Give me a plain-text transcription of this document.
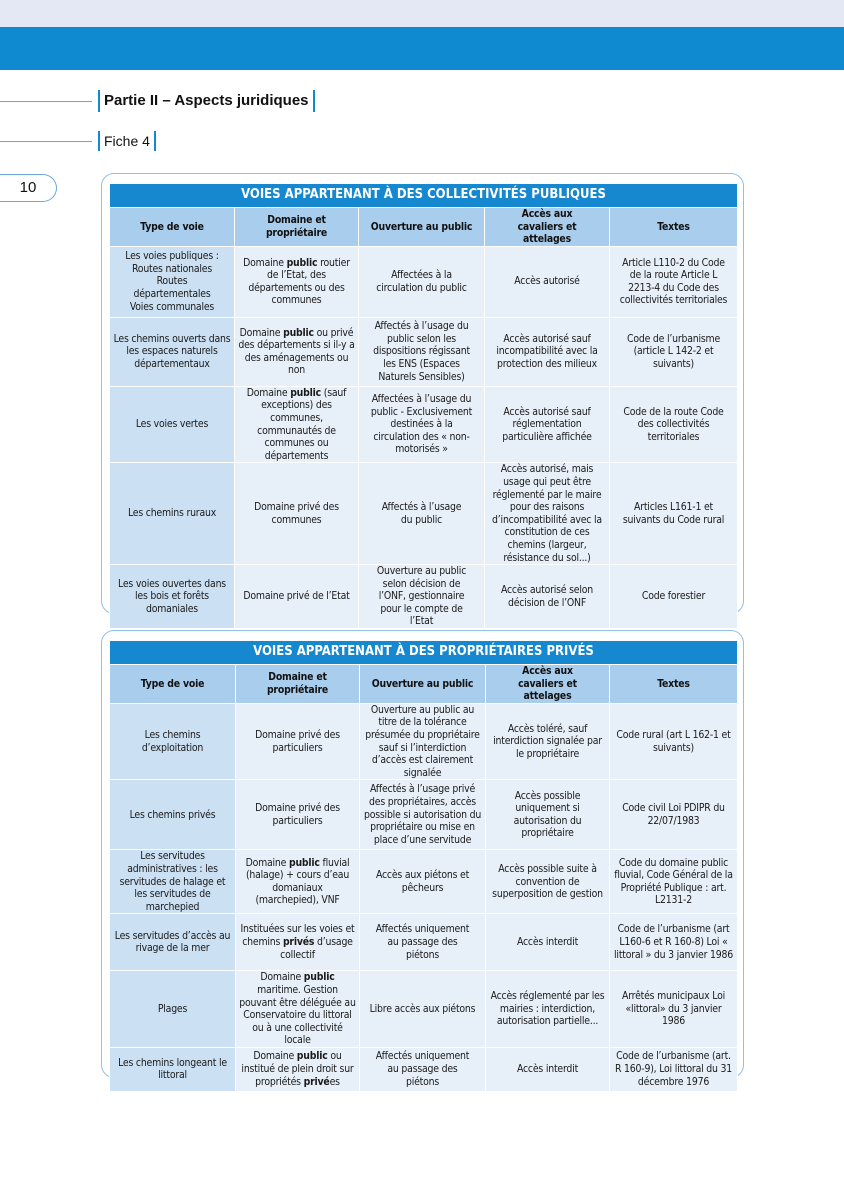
Partie II – Aspects juridiques
Fiche 4
10	VOIES APPARTENANT À DES COLLECTIVITÉS PUBLIQUES				
Type de voie	Domaine et propriétaire	Ouverture au public	Accès aux cavaliers et attelages	Textes
Les voies publiques : Routes nationales Routes départementales Voies communales	Domaine public routier de l’Etat, des départements ou des communes	Affectées à la circulation du public	Accès autorisé	Article L110-2 du Code de la route Article L 2213-4 du Code des collectivités territoriales
Les chemins ouverts dans les espaces naturels départementaux	Domaine public ou privé des départements si il-y a des aménagements ou non	Affectés à l’usage du public selon les dispositions régissant les ENS (Espaces Naturels Sensibles)	Accès autorisé sauf incompatibilité avec la protection des milieux	Code de l’urbanisme (article L 142-2 et suivants)
Les voies vertes	Domaine public (sauf exceptions) des communes, communautés de communes ou départements	Affectées à l’usage du public - Exclusivement destinées à la circulation des « non-motorisés »	Accès autorisé sauf réglementation particulière affichée	Code de la route Code des collectivités territoriales
Les chemins ruraux	Domaine privé des communes	Affectés à l’usage du public	Accès autorisé, mais usage qui peut être réglementé par le maire pour des raisons d’incompatibilité avec la constitution de ces chemins (largeur, résistance du sol...)	Articles L161-1 et suivants du Code rural
Les voies ouvertes dans les bois et forêts domaniales	Domaine privé de l’Etat	Ouverture au public selon décision de l’ONF, gestionnaire pour le compte de l’Etat	Accès autorisé selon décision de l’ONF	Code forestier
VOIES APPARTENANT À DES PROPRIÉTAIRES PRIVÉS				
Type de voie	Domaine et propriétaire	Ouverture au public	Accès aux cavaliers et attelages	Textes
Les chemins d’exploitation	Domaine privé des particuliers	Ouverture au public au titre de la tolérance présumée du propriétaire sauf si l’interdiction d’accès est clairement signalée	Accès toléré, sauf interdiction signalée par le propriétaire	Code rural (art L 162-1 et suivants)
Les chemins privés	Domaine privé des particuliers	Affectés à l’usage privé des propriétaires, accès possible si autorisation du propriétaire ou mise en place d’une servitude	Accès possible uniquement si autorisation du propriétaire	Code civil Loi PDIPR du 22/07/1983
Les servitudes administratives : les servitudes de halage et les servitudes de marchepied	Domaine public fluvial (halage) + cours d’eau domaniaux (marchepied), VNF	Accès aux piétons et pêcheurs	Accès possible suite à convention de superposition de gestion	Code du domaine public fluvial, Code Général de la Propriété Publique : art. L2131-2
Les servitudes d’accès au rivage de la mer	Instituées sur les voies et chemins privés d’usage collectif	Affectés uniquement au passage des piétons	Accès interdit	Code de l’urbanisme (art L160-6 et R 160-8) Loi « littoral » du 3 janvier 1986
Plages	Domaine public maritime. Gestion pouvant être déléguée au Conservatoire du littoral ou à une collectivité locale	Libre accès aux piétons	Accès réglementé par les mairies : interdiction, autorisation partielle...	Arrêtés municipaux Loi «littoral» du 3 janvier 1986
Les chemins longeant le littoral	Domaine public ou institué de plein droit sur propriétés privées	Affectés uniquement au passage des piétons	Accès interdit	Code de l’urbanisme (art. R 160-9), Loi littoral du 31 décembre 1976
